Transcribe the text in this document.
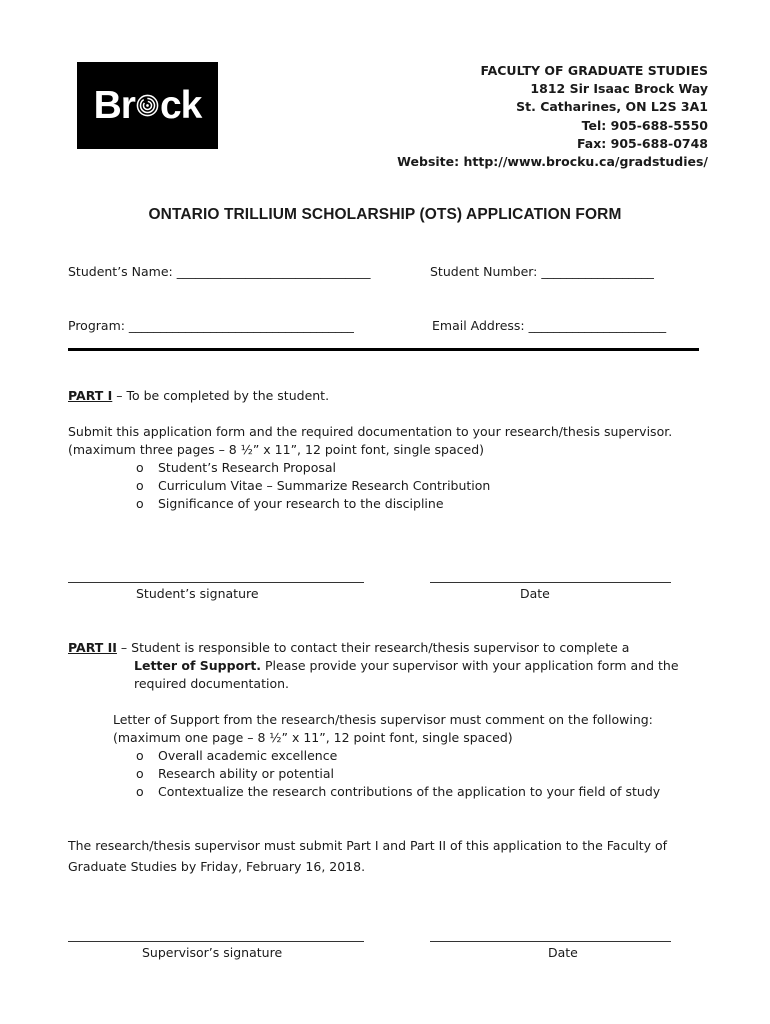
Br ck
FACULTY OF GRADUATE STUDIES
1812 Sir Isaac Brock Way
St. Catharines, ON L2S 3A1
Tel: 905-688-5550
Fax: 905-688-0748
Website: http://www.brocku.ca/gradstudies/
ONTARIO TRILLIUM SCHOLARSHIP (OTS) APPLICATION FORM
Student’s Name: _______________________________	Student Number: __________________
Program: ____________________________________	Email Address: ______________________
PART I – To be completed by the student.
Submit this application form and the required documentation to your research/thesis supervisor.
(maximum three pages – 8 ½” x 11”, 12 point font, single spaced)
o Student’s Research Proposal
o Curriculum Vitae – Summarize Research Contribution
o Significance of your research to the discipline
Student’s signature	Date
PART II – Student is responsible to contact their research/thesis supervisor to complete a
Letter of Support. Please provide your supervisor with your application form and the
required documentation.
Letter of Support from the research/thesis supervisor must comment on the following:
(maximum one page – 8 ½” x 11”, 12 point font, single spaced)
o Overall academic excellence
o Research ability or potential
o Contextualize the research contributions of the application to your field of study
The research/thesis supervisor must submit Part I and Part II of this application to the Faculty of
Graduate Studies by Friday, February 16, 2018.
Supervisor’s signature	Date
